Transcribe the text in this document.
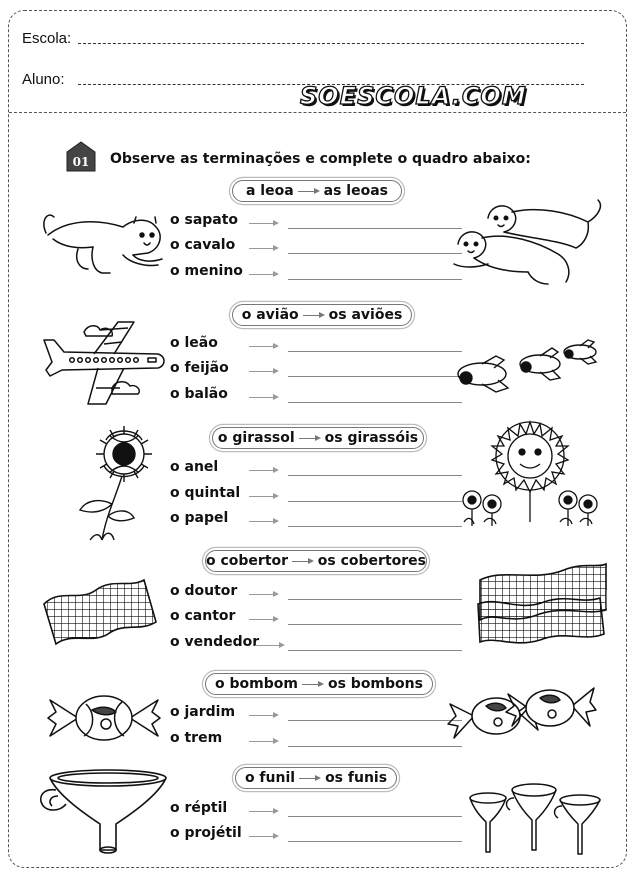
Escola:
Aluno:
SOESCOLA.COM
01 Observe as terminações e complete o quadro abaixo:
a leoa as leoas
o sapato
o cavalo
o menino
o avião os aviões
o leão
o feijão
o balão
o girassol os girassóis
o anel
o quintal
o papel
o cobertor os cobertores
o doutor
o cantor
o vendedor
o bombom os bombons
o jardim
o trem
o funil os funis
o réptil
o projétil
